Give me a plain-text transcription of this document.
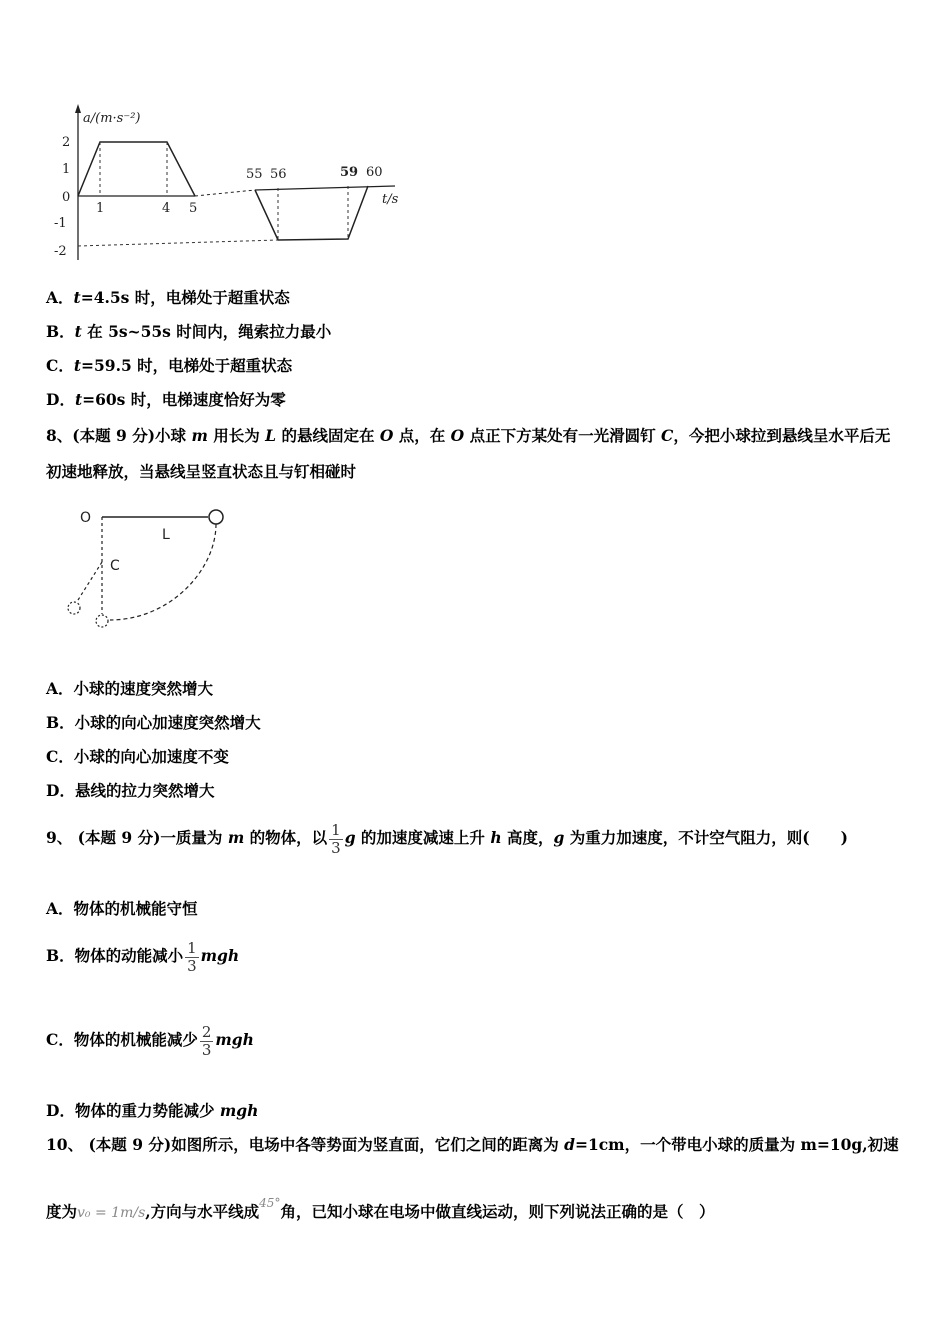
a/(m·s⁻²)
t/s
2
1
0
-1
-2
1	4 5
55 56	59 60
A．t=4.5s 时，电梯处于超重状态
B．t 在 5s~55s 时间内，绳索拉力最小
C．t=59.5 时，电梯处于超重状态
D．t=60s 时，电梯速度恰好为零
8、(本题 9 分)小球 m 用长为 L 的悬线固定在 O 点，在 O 点正下方某处有一光滑圆钉 C，今把小球拉到悬线呈水平后无
初速地释放，当悬线呈竖直状态且与钉相碰时
O
L
C
A．小球的速度突然增大
B．小球的向心加速度突然增大
C．小球的向心加速度不变
D．悬线的拉力突然增大
9、 (本题 9 分)一质量为 m 的物体，以 $\frac{1}{3}$ g 的加速度减速上升 h 高度，g 为重力加速度，不计空气阻力，则(　　)
A．物体的机械能守恒
B．物体的动能减小 $\frac{1}{3}$ mgh
C．物体的机械能减少 $\frac{2}{3}$ mgh
D．物体的重力势能减少 mgh
10、 (本题 9 分)如图所示，电场中各等势面为竖直面，它们之间的距离为 d=1cm，一个带电小球的质量为 m=10g,初速
度为𝑣₀ = 1𝑚/𝑠,方向与水平线成$^{45^\circ}$角，已知小球在电场中做直线运动，则下列说法正确的是（　）
